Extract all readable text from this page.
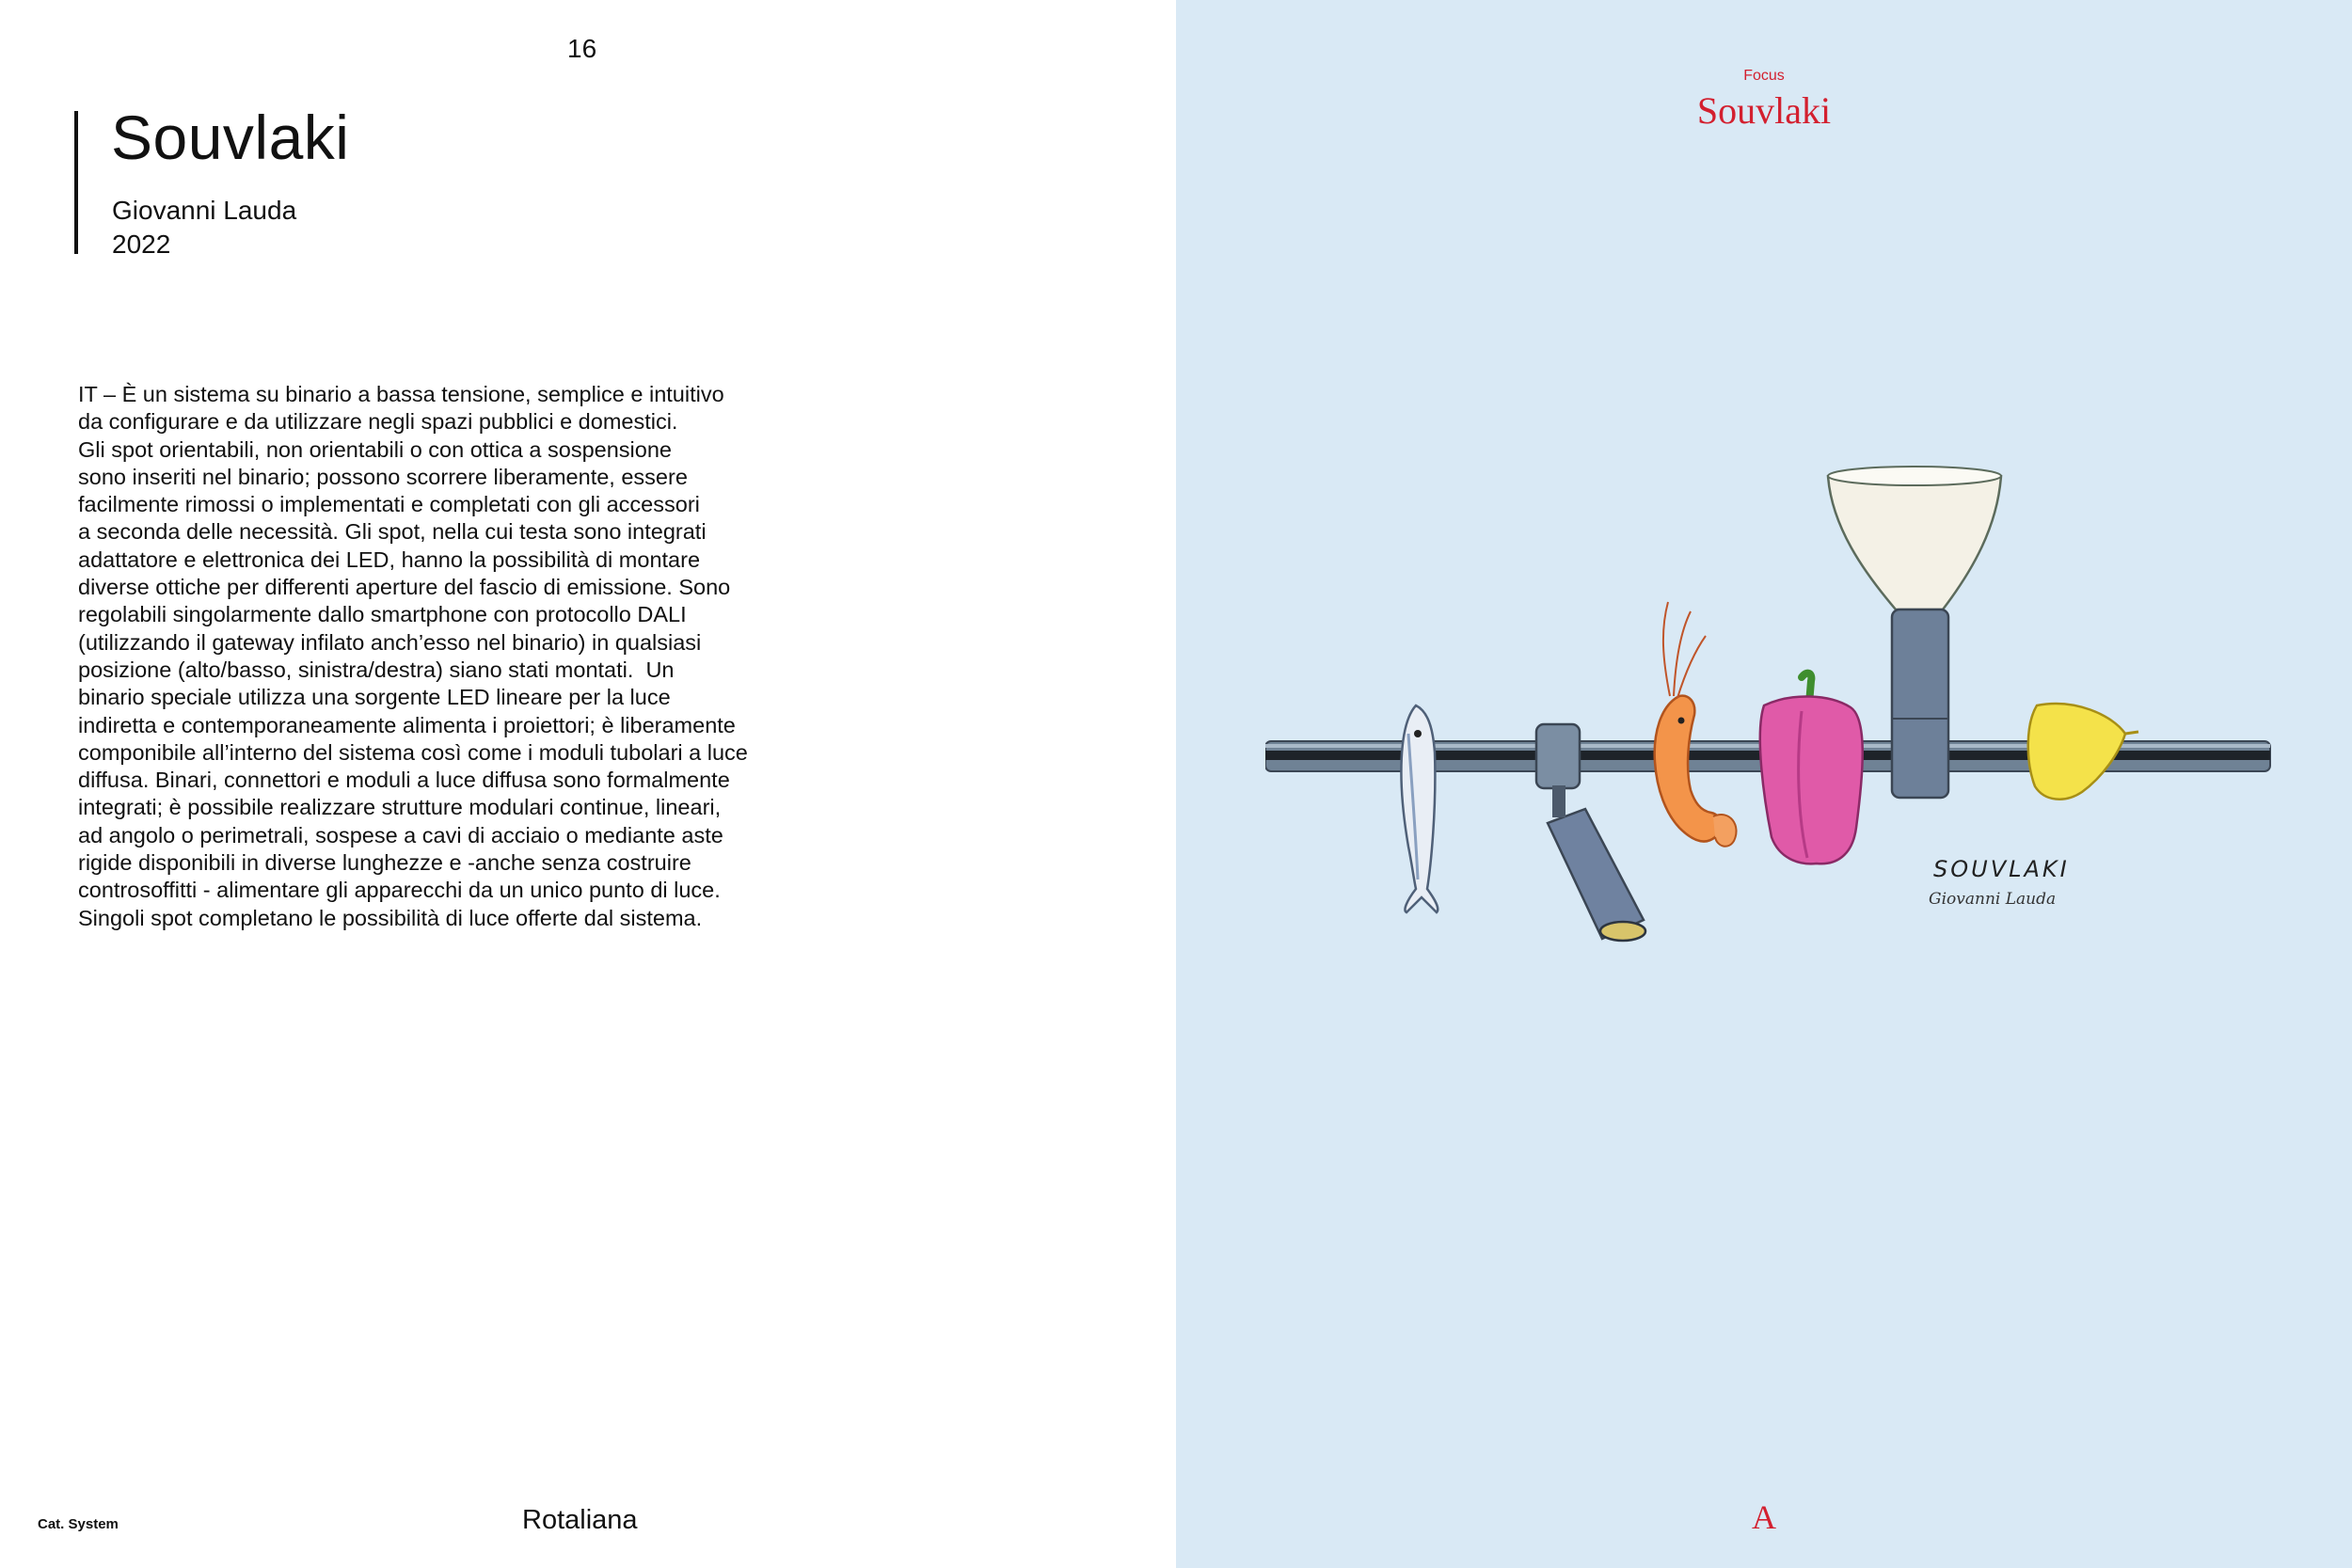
16
Souvlaki
Giovanni Lauda
2022
IT – È un sistema su binario a bassa tensione, semplice e intuitivo
da configurare e da utilizzare negli spazi pubblici e domestici.
Gli spot orientabili, non orientabili o con ottica a sospensione
sono inseriti nel binario; possono scorrere liberamente, essere
facilmente rimossi o implementati e completati con gli accessori
a seconda delle necessità. Gli spot, nella cui testa sono integrati
adattatore e elettronica dei LED, hanno la possibilità di montare
diverse ottiche per differenti aperture del fascio di emissione. Sono
regolabili singolarmente dallo smartphone con protocollo DALI
(utilizzando il gateway infilato anch’esso nel binario) in qualsiasi
posizione (alto/basso, sinistra/destra) siano stati montati.  Un
binario speciale utilizza una sorgente LED lineare per la luce
indiretta e contemporaneamente alimenta i proiettori; è liberamente
componibile all’interno del sistema così come i moduli tubolari a luce
diffusa. Binari, connettori e moduli a luce diffusa sono formalmente
integrati; è possibile realizzare strutture modulari continue, lineari,
ad angolo o perimetrali, sospese a cavi di acciaio o mediante aste
rigide disponibili in diverse lunghezze e -anche senza costruire
controsoffitti - alimentare gli apparecchi da un unico punto di luce.
Singoli spot completano le possibilità di luce offerte dal sistema.
Cat. System	Rotaliana
Focus
Souvlaki
SOUVLAKI
Giovanni Lauda
A
